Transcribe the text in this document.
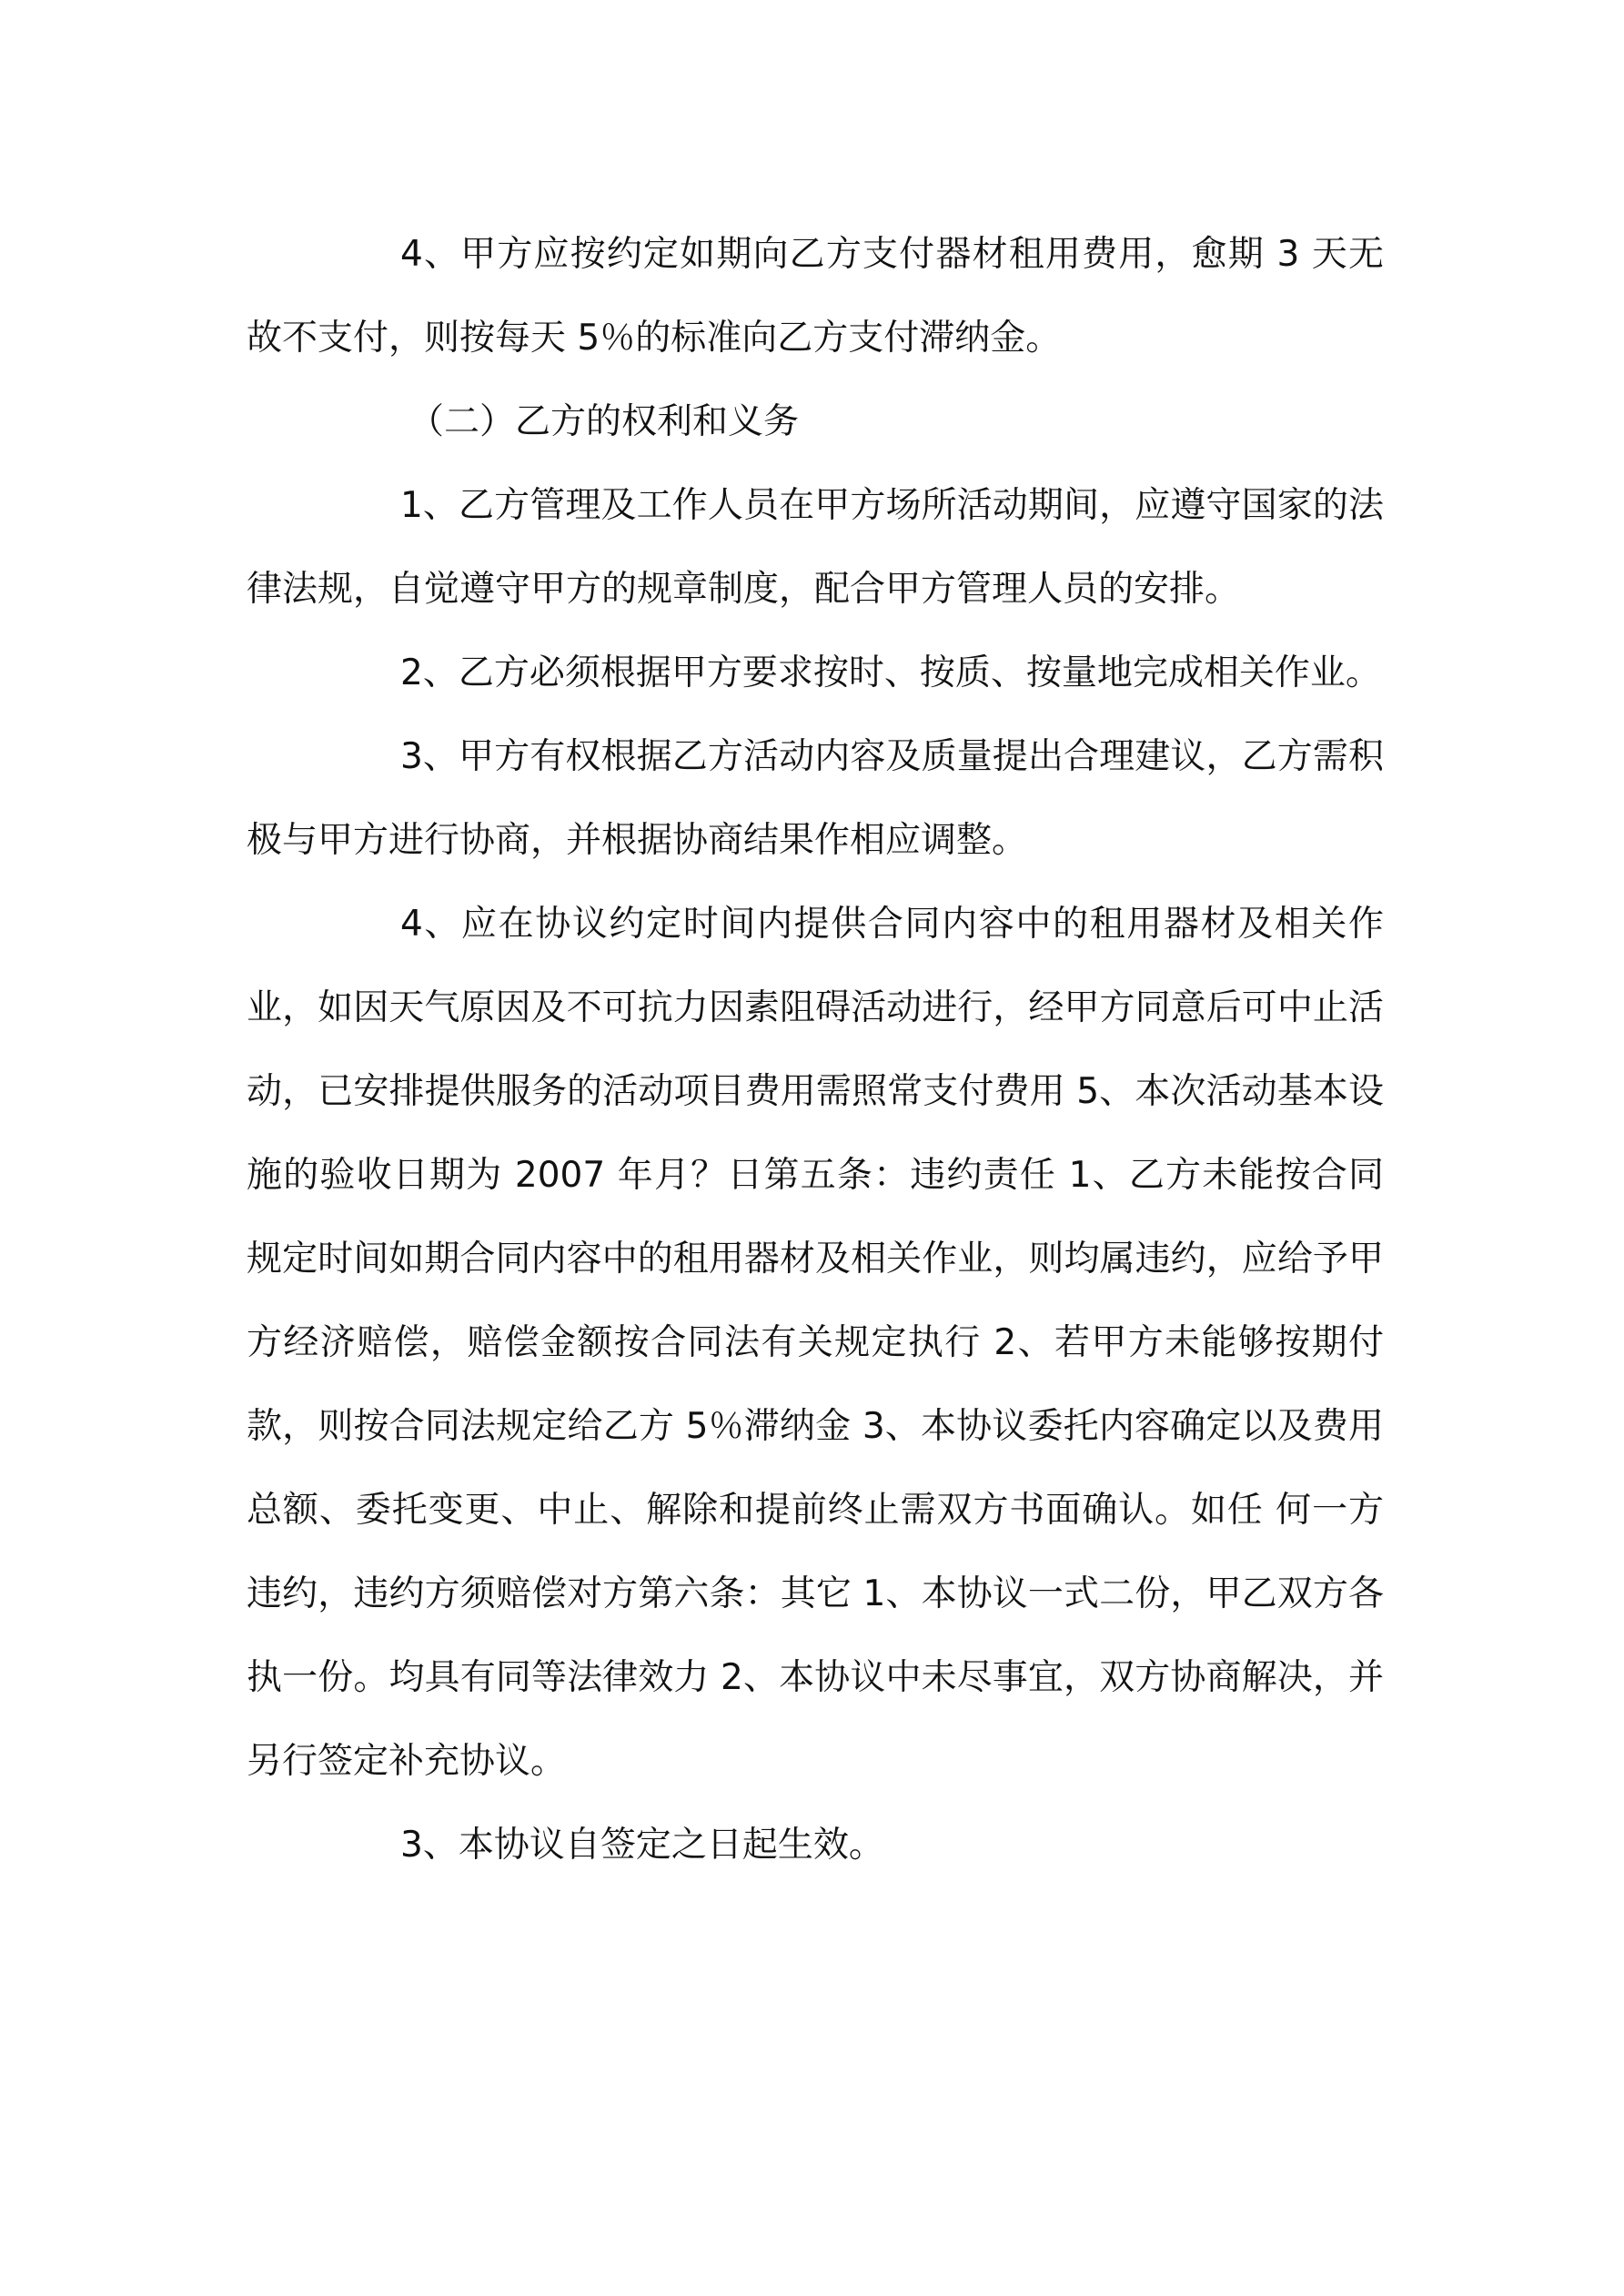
4、甲方应按约定如期向乙方支付器材租用费用，愈期 3 天无故不支付，则按每天 5％的标准向乙方支付滞纳金。

（二）乙方的权利和义务

1、乙方管理及工作人员在甲方场所活动期间，应遵守国家的法律法规，自觉遵守甲方的规章制度，配合甲方管理人员的安排。

2、乙方必须根据甲方要求按时、按质、按量地完成相关作业。

3、甲方有权根据乙方活动内容及质量提出合理建议，乙方需积极与甲方进行协商，并根据协商结果作相应调整。

4、应在协议约定时间内提供合同内容中的租用器材及相关作业，如因天气原因及不可抗力因素阻碍活动进行，经甲方同意后可中止活动，已安排提供服务的活动项目费用需照常支付费用 5、本次活动基本设施的验收日期为 2007 年月？日第五条：违约责任 1、乙方未能按合同规定时间如期合同内容中的租用器材及相关作业，则均属违约，应给予甲方经济赔偿，赔偿金额按合同法有关规定执行 2、若甲方未能够按期付款，则按合同法规定给乙方 5％滞纳金 3、本协议委托内容确定以及费用总额、委托变更、中止、解除和提前终止需双方书面确认。如任 何一方违约，违约方须赔偿对方第六条：其它 1、本协议一式二份，甲乙双方各执一份。均具有同等法律效力 2、本协议中未尽事宜，双方协商解决，并另行签定补充协议。

3、本协议自签定之日起生效。
